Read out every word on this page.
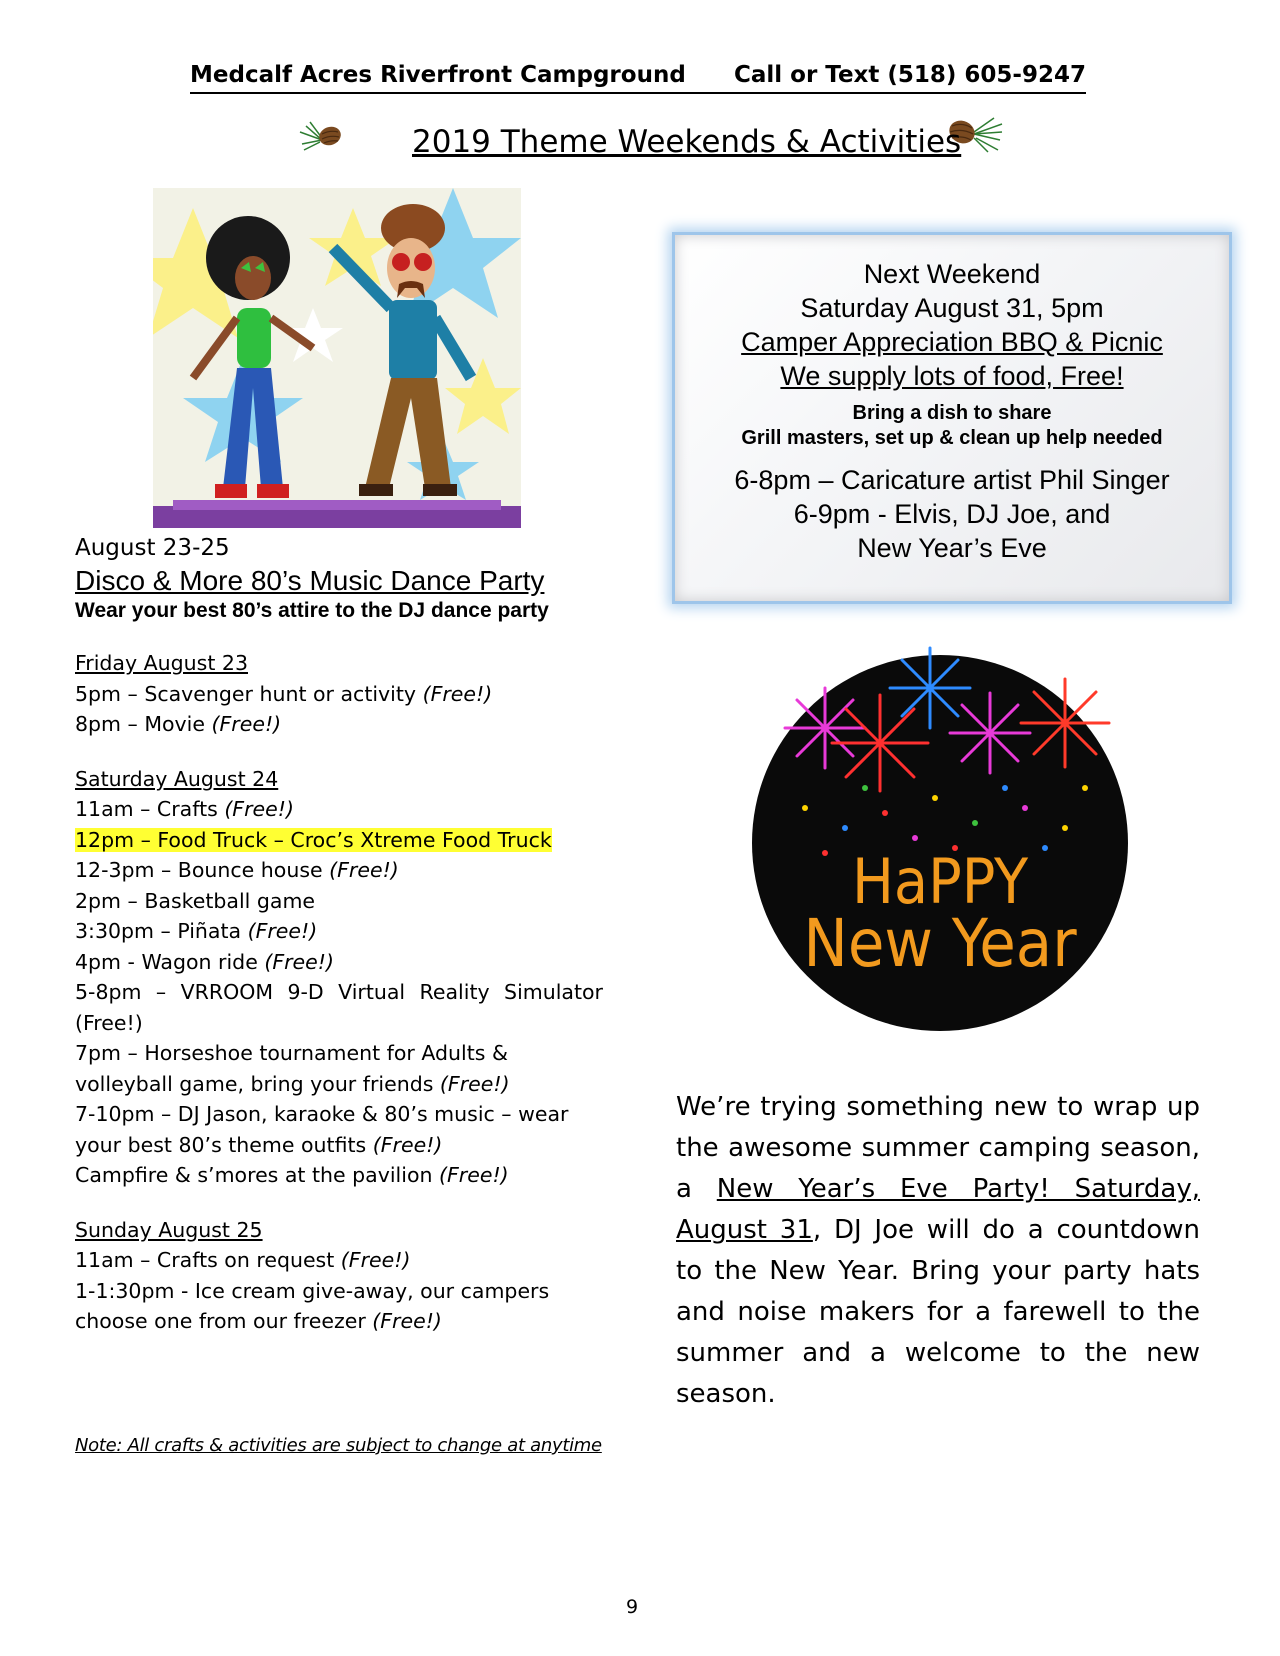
Medcalf Acres Riverfront Campground Call or Text (518) 605-9247
2019 Theme Weekends & Activities
August 23-25
Disco & More 80’s Music Dance Party
Wear your best 80’s attire to the DJ dance party
Friday August 23
5pm – Scavenger hunt or activity (Free!)
8pm – Movie (Free!)
Saturday August 24
11am – Crafts (Free!)
12pm – Food Truck – Croc’s Xtreme Food Truck
12-3pm – Bounce house (Free!)
2pm – Basketball game
3:30pm – Piñata (Free!)
4pm - Wagon ride (Free!)
5-8pm – VRROOM 9-D Virtual Reality Simulator
(Free!)
7pm – Horseshoe tournament for Adults & volleyball game, bring your friends (Free!)
7-10pm – DJ Jason, karaoke & 80’s music – wear your best 80’s theme outfits (Free!)
Campfire & s’mores at the pavilion (Free!)
Sunday August 25
11am – Crafts on request (Free!)
1-1:30pm - Ice cream give-away, our campers choose one from our freezer (Free!)
Note: All crafts & activities are subject to change at anytime
Next Weekend
Saturday August 31, 5pm
Camper Appreciation BBQ & Picnic
We supply lots of food, Free!
Bring a dish to share
Grill masters, set up & clean up help needed
6-8pm – Caricature artist Phil Singer
6-9pm - Elvis, DJ Joe, and
New Year’s Eve
HaPPY
New Year
We’re trying something new to wrap up the awesome summer camping season, a New Year’s Eve Party! Saturday, August 31, DJ Joe will do a countdown to the New Year. Bring your party hats and noise makers for a farewell to the summer and a welcome to the new season.
9
